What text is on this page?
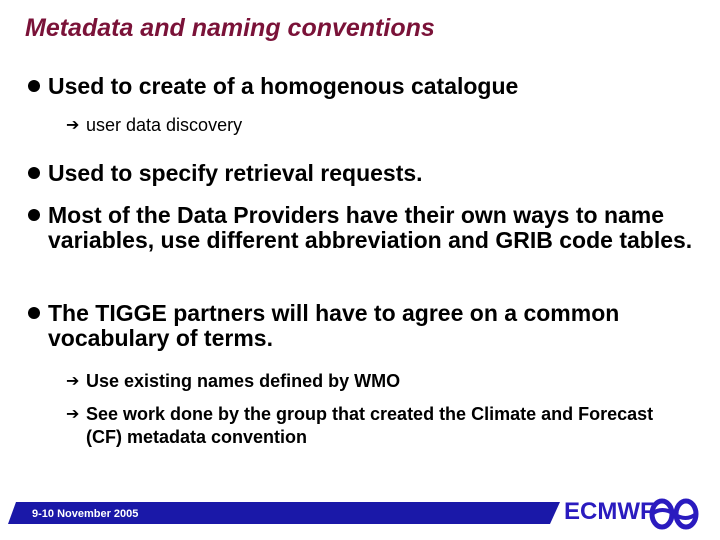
Metadata and naming conventions
Used to create of a homogenous catalogue
➔ user data discovery
Used to specify retrieval requests.
Most of the Data Providers have their own ways to name variables, use different abbreviation and GRIB code tables.
The TIGGE partners will have to agree on a common vocabulary of terms.
➔ Use existing names defined by WMO
➔ See work done by the group that created the Climate and Forecast (CF) metadata convention
9-10 November 2005	ECMWF
